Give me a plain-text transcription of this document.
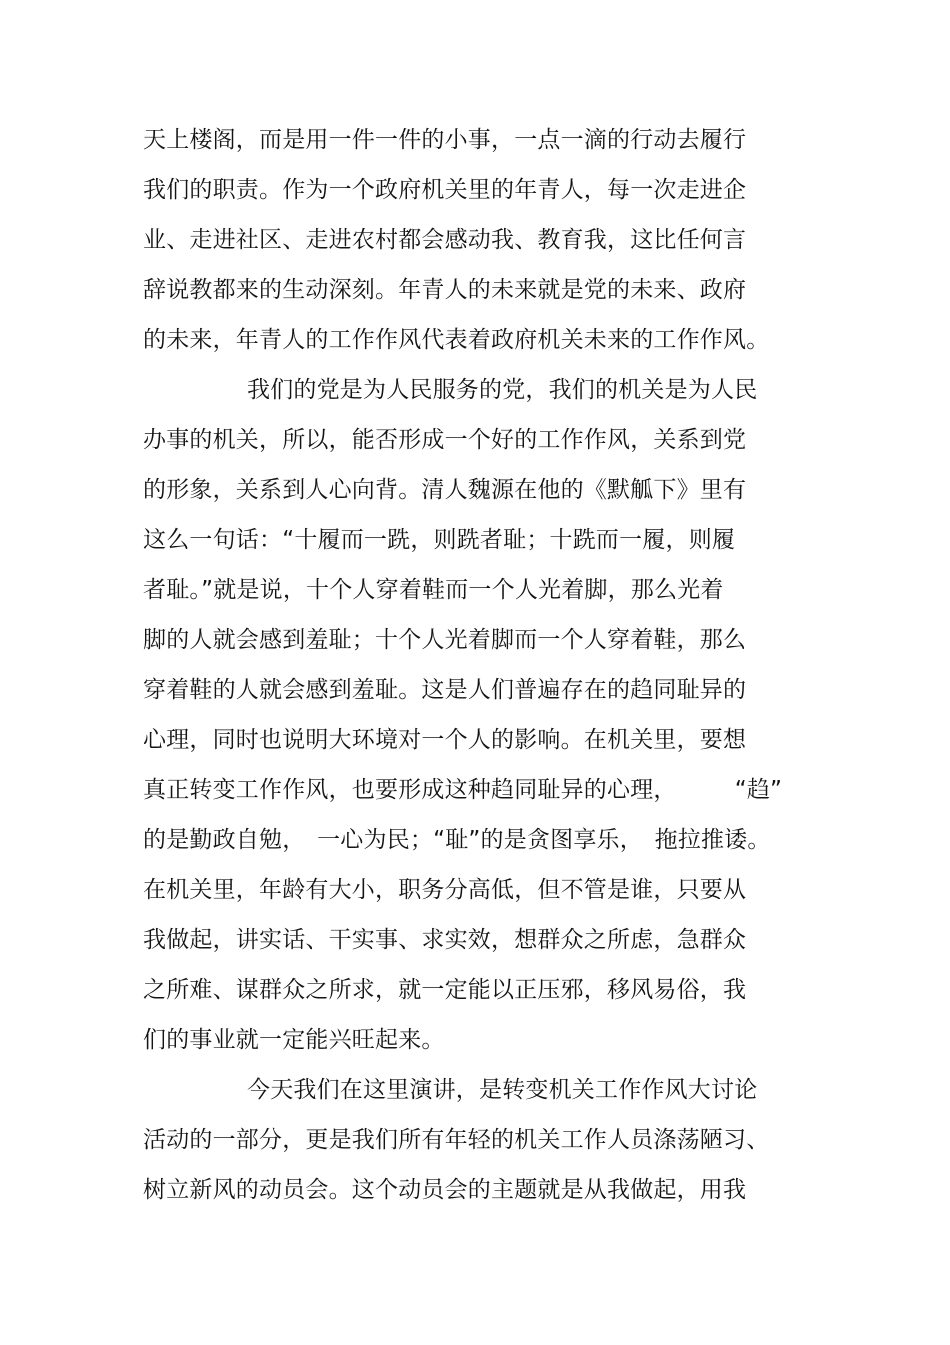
天上楼阁，而是用一件一件的小事，一点一滴的行动去履行
我们的职责。作为一个政府机关里的年青人，每一次走进企
业、走进社区、走进农村都会感动我、教育我，这比任何言
辞说教都来的生动深刻。年青人的未来就是党的未来、政府
的未来，年青人的工作作风代表着政府机关未来的工作作风。
我们的党是为人民服务的党，我们的机关是为人民
办事的机关，所以，能否形成一个好的工作作风，关系到党
的形象，关系到人心向背。清人魏源在他的《默觚下》里有
这么一句话：“十履而一跣，则跣者耻；十跣而一履，则履
者耻。”就是说，十个人穿着鞋而一个人光着脚，那么光着
脚的人就会感到羞耻；十个人光着脚而一个人穿着鞋，那么
穿着鞋的人就会感到羞耻。这是人们普遍存在的趋同耻异的
心理，同时也说明大环境对一个人的影响。在机关里，要想
真正转变工作作风，也要形成这种趋同耻异的心理，　　　“趋”
的是勤政自勉，　一心为民；“耻”的是贪图享乐，　拖拉推诿。
在机关里，年龄有大小，职务分高低，但不管是谁，只要从
我做起，讲实话、干实事、求实效，想群众之所虑，急群众
之所难、谋群众之所求，就一定能以正压邪，移风易俗，我
们的事业就一定能兴旺起来。
今天我们在这里演讲，是转变机关工作作风大讨论
活动的一部分，更是我们所有年轻的机关工作人员涤荡陋习、
树立新风的动员会。这个动员会的主题就是从我做起，用我
